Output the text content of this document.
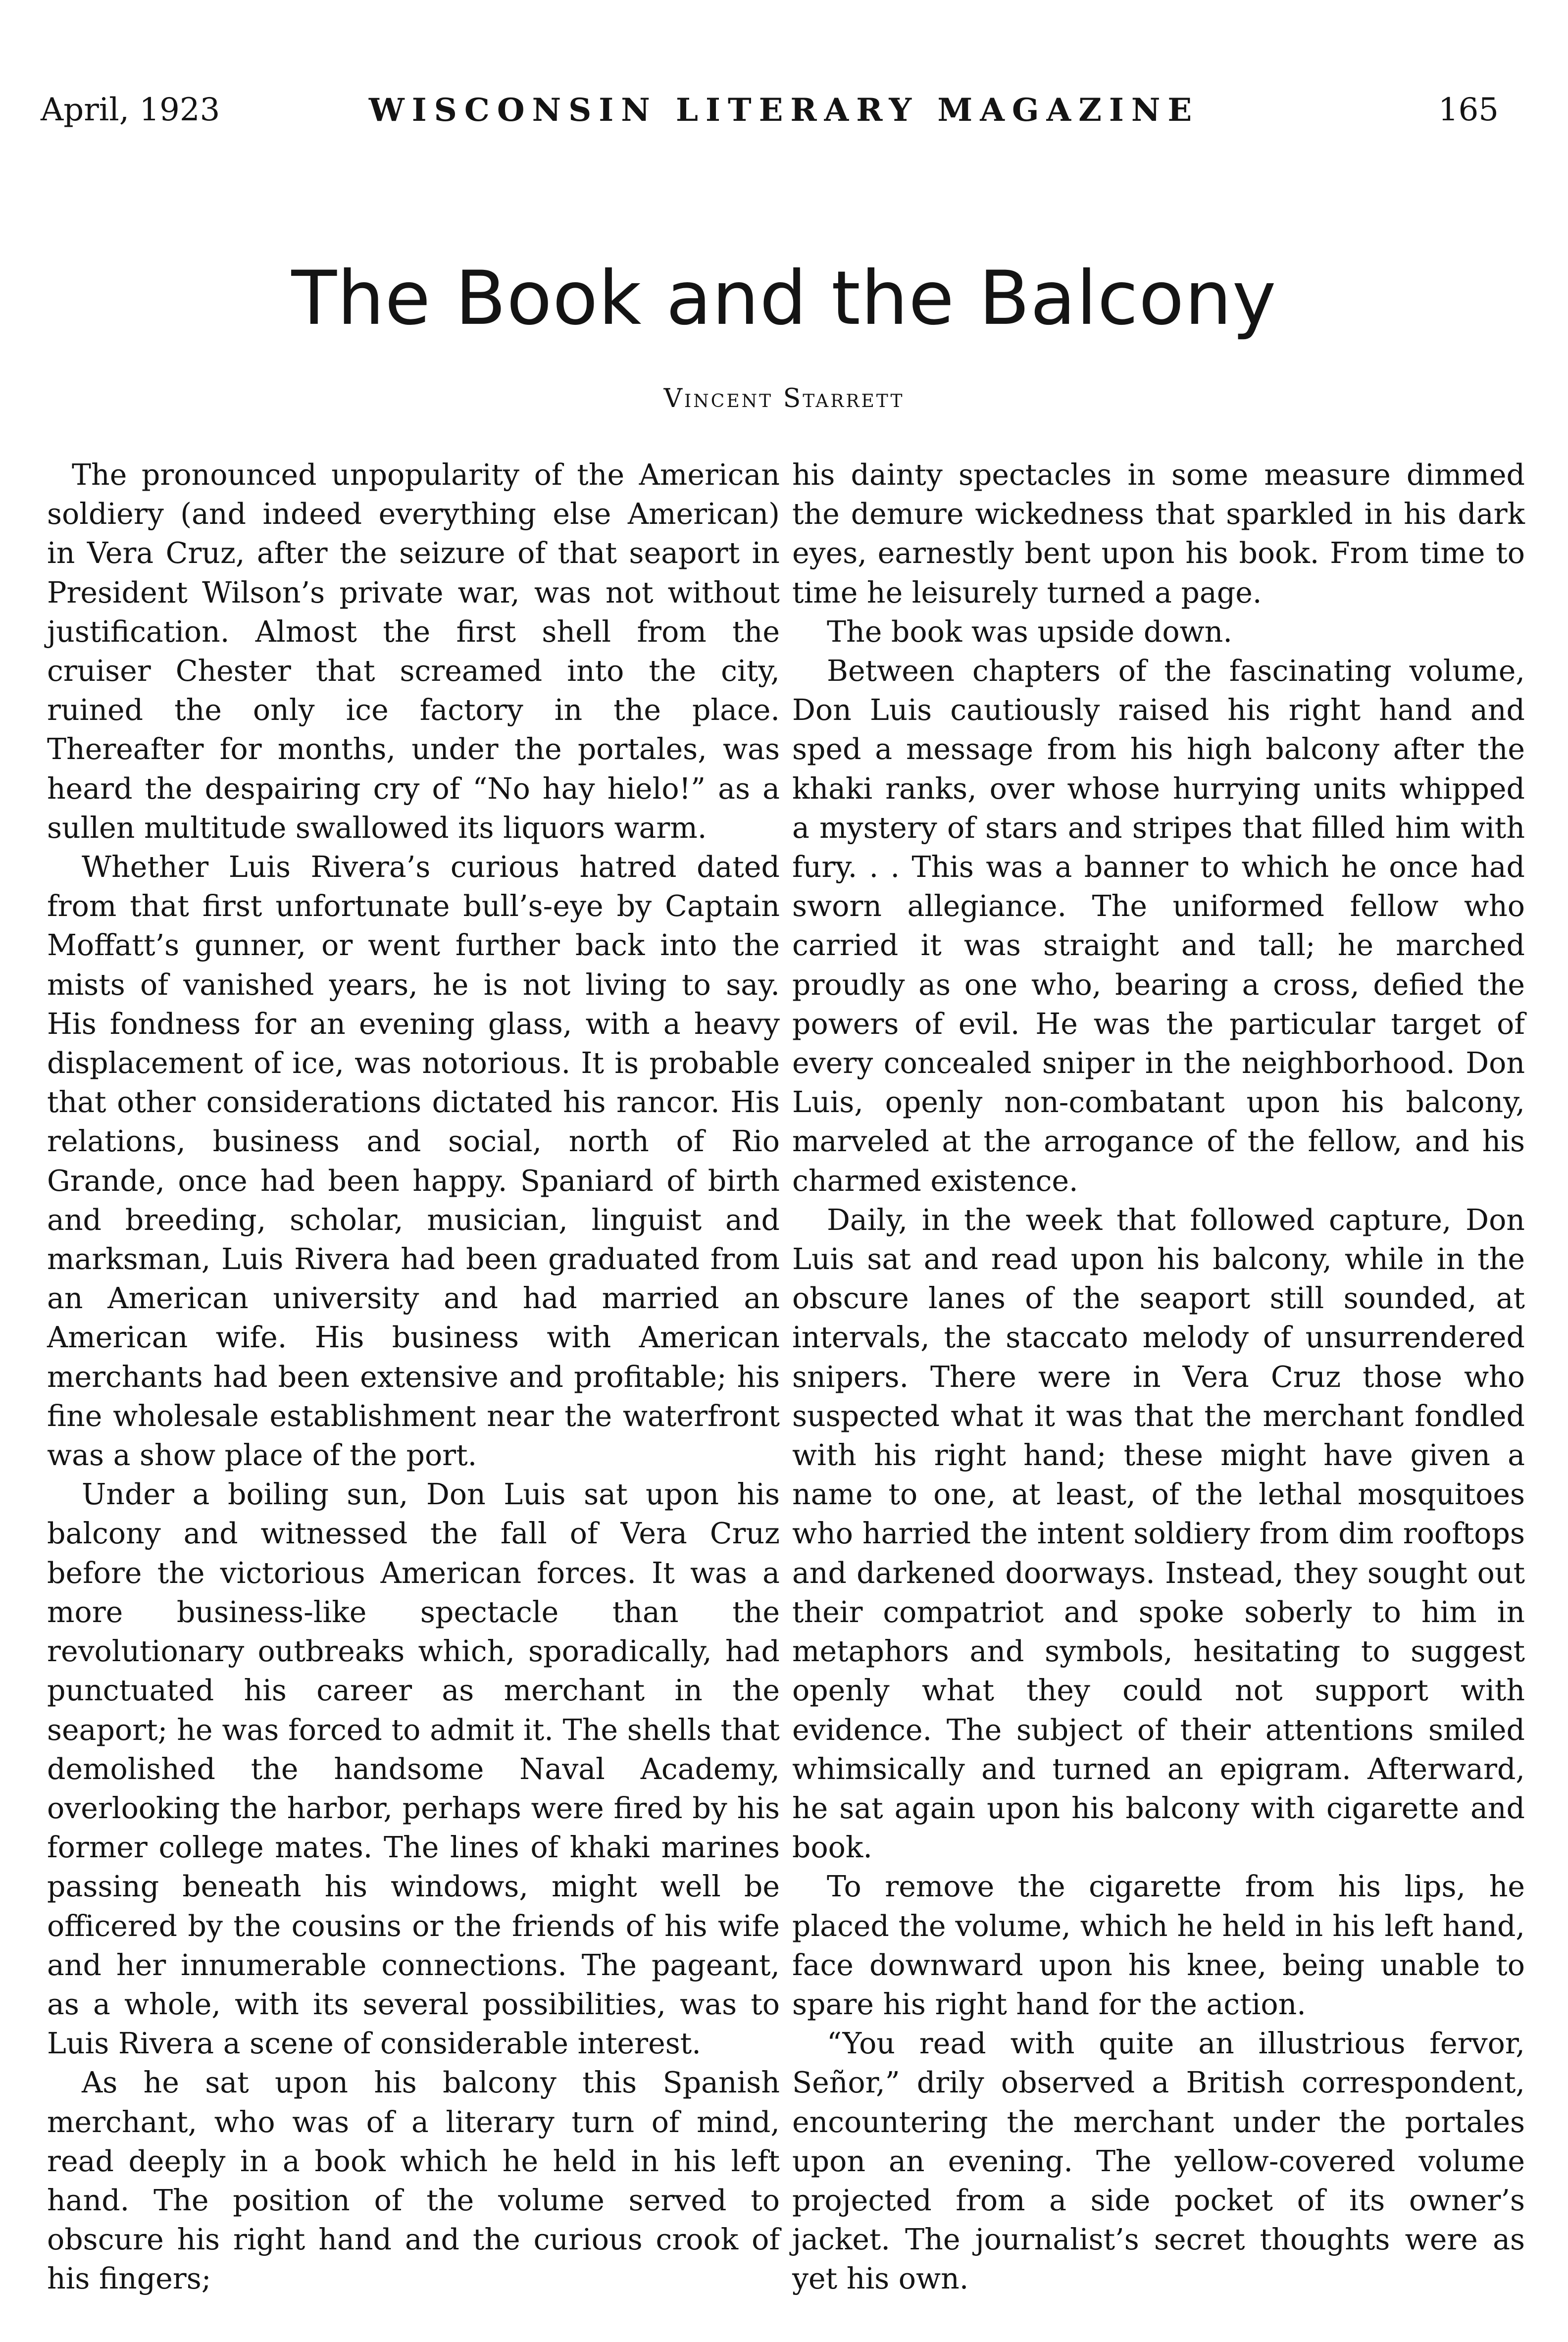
April, 1923	WISCONSIN LITERARY MAGAZINE	165
The Book and the Balcony
Vincent Starrett

The pronounced unpopularity of the American soldiery (and indeed everything else American) in Vera Cruz, after the seizure of that seaport in President Wilson’s private war, was not without justification. Almost the first shell from the cruiser Chester that screamed into the city, ruined the only ice factory in the place. Thereafter for months, under the portales, was heard the despairing cry of “No hay hielo!” as a sullen multitude swallowed its liquors warm.

Whether Luis Rivera’s curious hatred dated from that first unfortunate bull’s-eye by Captain Moffatt’s gunner, or went further back into the mists of vanished years, he is not living to say. His fondness for an evening glass, with a heavy displacement of ice, was notorious. It is probable that other considerations dictated his rancor. His relations, business and social, north of Rio Grande, once had been happy. Spaniard of birth and breeding, scholar, musician, linguist and marksman, Luis Rivera had been graduated from an American university and had married an American wife. His business with American merchants had been extensive and profitable; his fine wholesale establishment near the waterfront was a show place of the port.

Under a boiling sun, Don Luis sat upon his balcony and witnessed the fall of Vera Cruz before the victorious American forces. It was a more business-like spectacle than the revolutionary outbreaks which, sporadically, had punctuated his career as merchant in the seaport; he was forced to admit it. The shells that demolished the handsome Naval Academy, overlooking the harbor, perhaps were fired by his former college mates. The lines of khaki marines passing beneath his windows, might well be officered by the cousins or the friends of his wife and her innumerable connections. The pageant, as a whole, with its several possibilities, was to Luis Rivera a scene of considerable interest.

As he sat upon his balcony this Spanish merchant, who was of a literary turn of mind, read deeply in a book which he held in his left hand. The position of the volume served to obscure his right hand and the curious crook of his fingers;

his dainty spectacles in some measure dimmed the demure wickedness that sparkled in his dark eyes, earnestly bent upon his book. From time to time he leisurely turned a page.

The book was upside down.

Between chapters of the fascinating volume, Don Luis cautiously raised his right hand and sped a message from his high balcony after the khaki ranks, over whose hurrying units whipped a mystery of stars and stripes that filled him with fury. . . This was a banner to which he once had sworn allegiance. The uniformed fellow who carried it was straight and tall; he marched proudly as one who, bearing a cross, defied the powers of evil. He was the particular target of every concealed sniper in the neighborhood. Don Luis, openly non-combatant upon his balcony, marveled at the arrogance of the fellow, and his charmed existence.

Daily, in the week that followed capture, Don Luis sat and read upon his balcony, while in the obscure lanes of the seaport still sounded, at intervals, the staccato melody of unsurrendered snipers. There were in Vera Cruz those who suspected what it was that the merchant fondled with his right hand; these might have given a name to one, at least, of the lethal mosquitoes who harried the intent soldiery from dim rooftops and darkened doorways. Instead, they sought out their compatriot and spoke soberly to him in metaphors and symbols, hesitating to suggest openly what they could not support with evidence. The subject of their attentions smiled whimsically and turned an epigram. Afterward, he sat again upon his balcony with cigarette and book.

To remove the cigarette from his lips, he placed the volume, which he held in his left hand, face downward upon his knee, being unable to spare his right hand for the action.

“You read with quite an illustrious fervor, Señor,” drily observed a British correspondent, encountering the merchant under the portales upon an evening. The yellow-covered volume projected from a side pocket of its owner’s jacket. The journalist’s secret thoughts were as yet his own.
